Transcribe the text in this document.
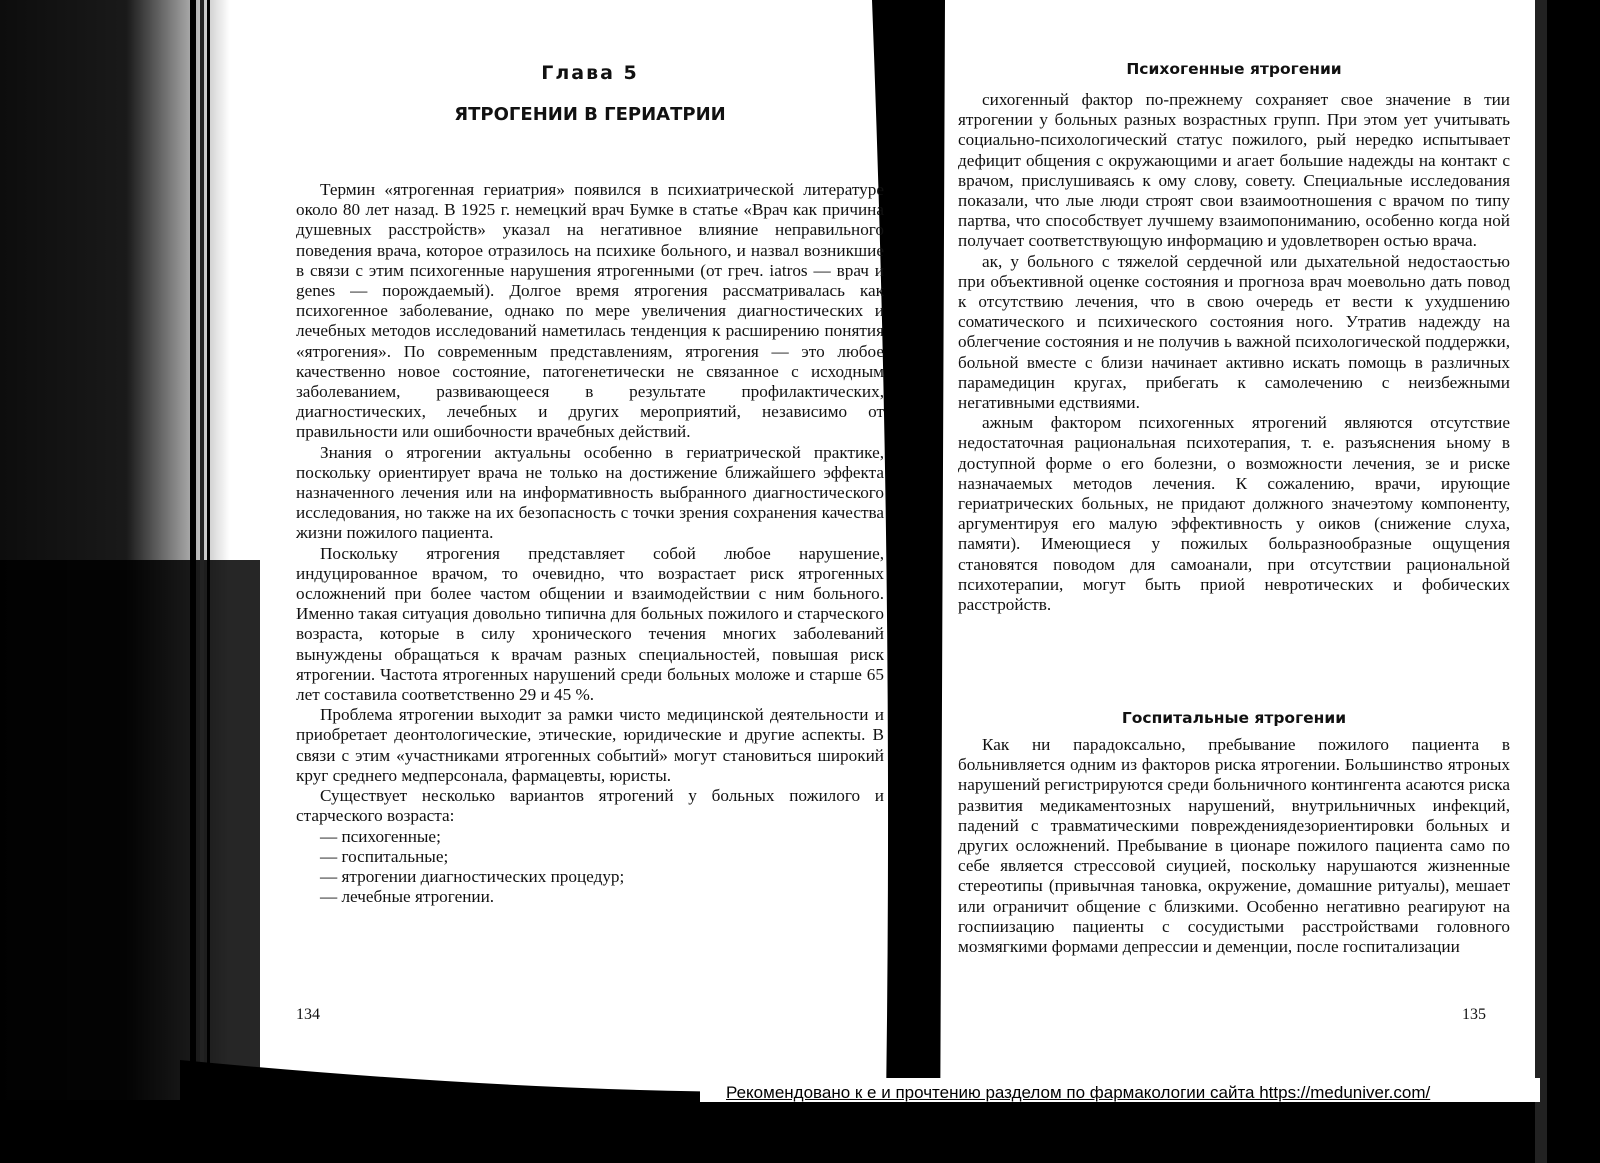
Глава 5
ЯТРОГЕНИИ В ГЕРИАТРИИ

Термин «ятрогенная гериатрия» появился в психиатрической литературе около 80 лет назад. В 1925 г. немецкий врач Бумке в статье «Врач как причина душевных расстройств» указал на негативное влияние неправильного поведения врача, которое отразилось на психике больного, и назвал возникшие в связи с этим психогенные нарушения ятрогенными (от греч. iatros — врач и genes — порождаемый). Долгое время ятрогения рассматривалась как психогенное заболевание, однако по мере увеличения диагностических и лечебных методов исследований наметилась тенденция к расширению понятия «ятрогения». По современным представлениям, ятрогения — это любое качественно новое состояние, патогенетически не связанное с исходным заболеванием, развивающееся в результате профилактических, диагностических, лечебных и других мероприятий, независимо от правильности или ошибочности врачебных действий.

Знания о ятрогении актуальны особенно в гериатрической практике, поскольку ориентирует врача не только на достижение ближайшего эффекта назначенного лечения или на информативность выбранного диагностического исследования, но также на их безопасность с точки зрения сохранения качества жизни пожилого пациента.

Поскольку ятрогения представляет собой любое нарушение, индуцированное врачом, то очевидно, что возрастает риск ятрогенных осложнений при более частом общении и взаимодействии с ним больного. Именно такая ситуация довольно типична для больных пожилого и старческого возраста, которые в силу хронического течения многих заболеваний вынуждены обращаться к врачам разных специальностей, повышая риск ятрогении. Частота ятрогенных нарушений среди больных моложе и старше 65 лет составила соответственно 29 и 45 %.

Проблема ятрогении выходит за рамки чисто медицинской деятельности и приобретает деонтологические, этические, юридические и другие аспекты. В связи с этим «участниками ятрогенных событий» могут становиться широкий круг среднего медперсонала, фармацевты, юристы.

Существует несколько вариантов ятрогений у больных пожилого и старческого возраста:

— психогенные;

— госпитальные;

— ятрогении диагностических процедур;

— лечебные ятрогении.

134
Психогенные ятрогении

сихогенный фактор по-прежнему сохраняет свое значение в тии ятрогении у больных разных возрастных групп. При этом ует учитывать социально-психологический статус пожилого, рый нередко испытывает дефицит общения с окружающими и агает большие надежды на контакт с врачом, прислушиваясь к ому слову, совету. Специальные исследования показали, что лые люди строят свои взаимоотношения с врачом по типу партва, что способствует лучшему взаимопониманию, особенно когда ной получает соответствующую информацию и удовлетворен остью врача.

ак, у больного с тяжелой сердечной или дыхательной недостаостью при объективной оценке состояния и прогноза врач моевольно дать повод к отсутствию лечения, что в свою очередь ет вести к ухудшению соматического и психического состояния ного. Утратив надежду на облегчение состояния и не получив ь важной психологической поддержки, больной вместе с близи начинает активно искать помощь в различных парамедицин кругах, прибегать к самолечению с неизбежными негативными едствиями.

ажным фактором психогенных ятрогений являются отсутствие недостаточная рациональная психотерапия, т. е. разъяснения ьному в доступной форме о его болезни, о возможности лечения, зе и риске назначаемых методов лечения. К сожалению, врачи, ирующие гериатрических больных, не придают должного значеэтому компоненту, аргументируя его малую эффективность у оиков (снижение слуха, памяти). Имеющиеся у пожилых больразнообразные ощущения становятся поводом для самоанали, при отсутствии рациональной психотерапии, могут быть приой невротических и фобических расстройств.

Госпитальные ятрогении

Как ни парадоксально, пребывание пожилого пациента в больнивляется одним из факторов риска ятрогении. Большинство ятроных нарушений регистрируются среди больничного контингента асаются риска развития медикаментозных нарушений, внутрильничных инфекций, падений с травматическими повреждениядезориентировки больных и других осложнений. Пребывание в ционаре пожилого пациента само по себе является стрессовой сиуцией, поскольку нарушаются жизненные стереотипы (привычная тановка, окружение, домашние ритуалы), мешает или ограничит общение с близкими. Особенно негативно реагируют на госпиизацию пациенты с сосудистыми расстройствами головного мозмягкими формами депрессии и деменции, после госпитализации

135
Рекомендовано к е и прочтению разделом по фармакологии сайта https://meduniver.com/
